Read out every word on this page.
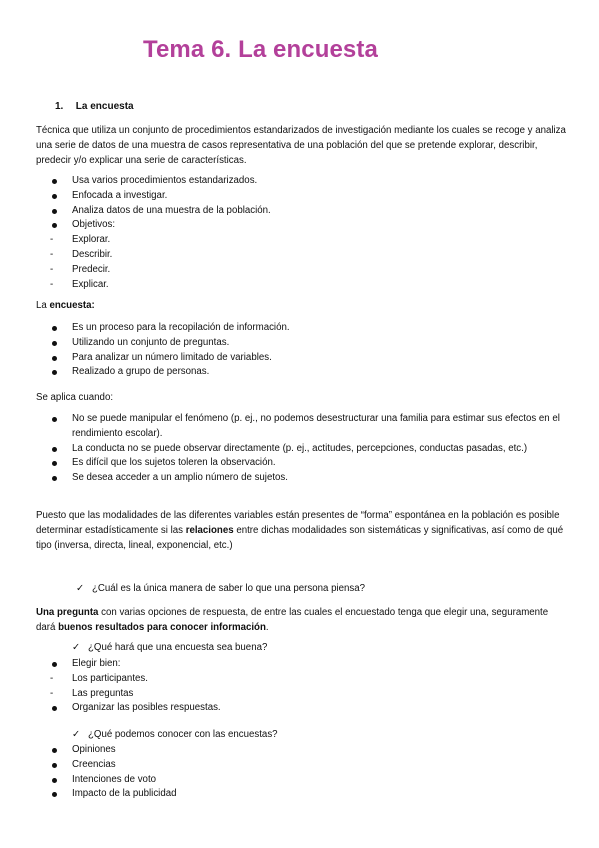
Tema 6. La encuesta
1. La encuesta

Técnica que utiliza un conjunto de procedimientos estandarizados de investigación mediante los cuales se recoge y analiza una serie de datos de una muestra de casos representativa de una población del que se pretende explorar, describir, predecir y/o explicar una serie de características.

Usa varios procedimientos estandarizados.
Enfocada a investigar.
Analiza datos de una muestra de la población.
Objetivos:
- Explorar.
- Describir.
- Predecir.
- Explicar.

La encuesta:

Es un proceso para la recopilación de información.
Utilizando un conjunto de preguntas.
Para analizar un número limitado de variables.
Realizado a grupo de personas.

Se aplica cuando:

No se puede manipular el fenómeno (p. ej., no podemos desestructurar una familia para estimar sus efectos en el rendimiento escolar).
La conducta no se puede observar directamente (p. ej., actitudes, percepciones, conductas pasadas, etc.)
Es difícil que los sujetos toleren la observación.
Se desea acceder a un amplio número de sujetos.

Puesto que las modalidades de las diferentes variables están presentes de “forma” espontánea en la población es posible determinar estadísticamente si las relaciones entre dichas modalidades son sistemáticas y significativas, así como de qué tipo (inversa, directa, lineal, exponencial, etc.)

✓ ¿Cuál es la única manera de saber lo que una persona piensa?

Una pregunta con varias opciones de respuesta, de entre las cuales el encuestado tenga que elegir una, seguramente dará buenos resultados para conocer información.

✓ ¿Qué hará que una encuesta sea buena?
Elegir bien:
- Los participantes.
- Las preguntas
Organizar las posibles respuestas.
✓ ¿Qué podemos conocer con las encuestas?
Opiniones
Creencias
Intenciones de voto
Impacto de la publicidad
